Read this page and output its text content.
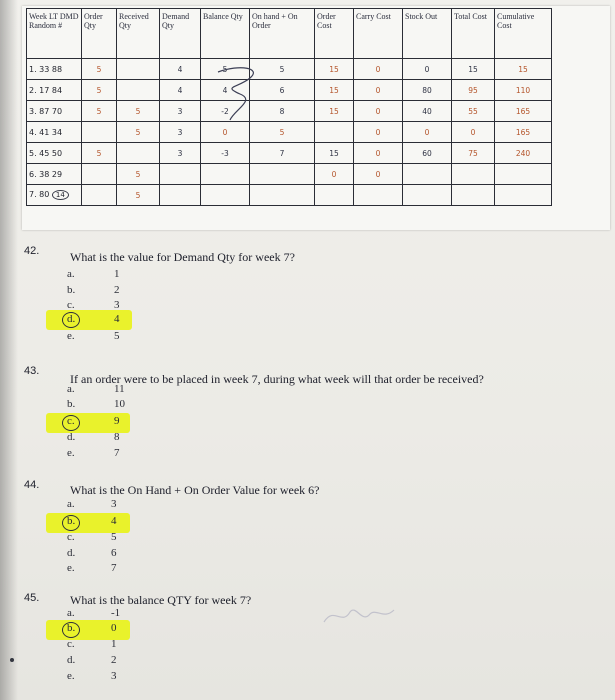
Week LT DMD Random #	Order Qty	Received Qty	Demand Qty	Balance Qty	On hand + On Order	Order Cost	Carry Cost	Stock Out	Total Cost	Cumulative Cost

1. 33 88	5		4	5	5	15	0	0	15	15

2. 17 84	5		4	4	6	15	0	80	95	110

3. 87 70	5	5	3	-2	8	15	0	40	55	165

4. 41 34		5	3	0	5		0	0	0	165

5. 45 50	5		3	-3	7	15	0	60	75	240

6. 38 29		5				0	0			

7. 80 14		5								

42.	What is the value for Demand Qty for week 7?
a.	1
b.	2
c.	3
d.	4
e.	5
43.
If an order were to be placed in week 7, during what week will that order be received?
a.	11
b.	10
c.	9
d.	8
e.	7
44.	What is the On Hand + On Order Value for week 6?
a.	3
b.	4
c.	5
d.	6
e.	7
45.	What is the balance QTY for week 7?
a.	-1
b.	0
c.	1
d.	2
e.	3
